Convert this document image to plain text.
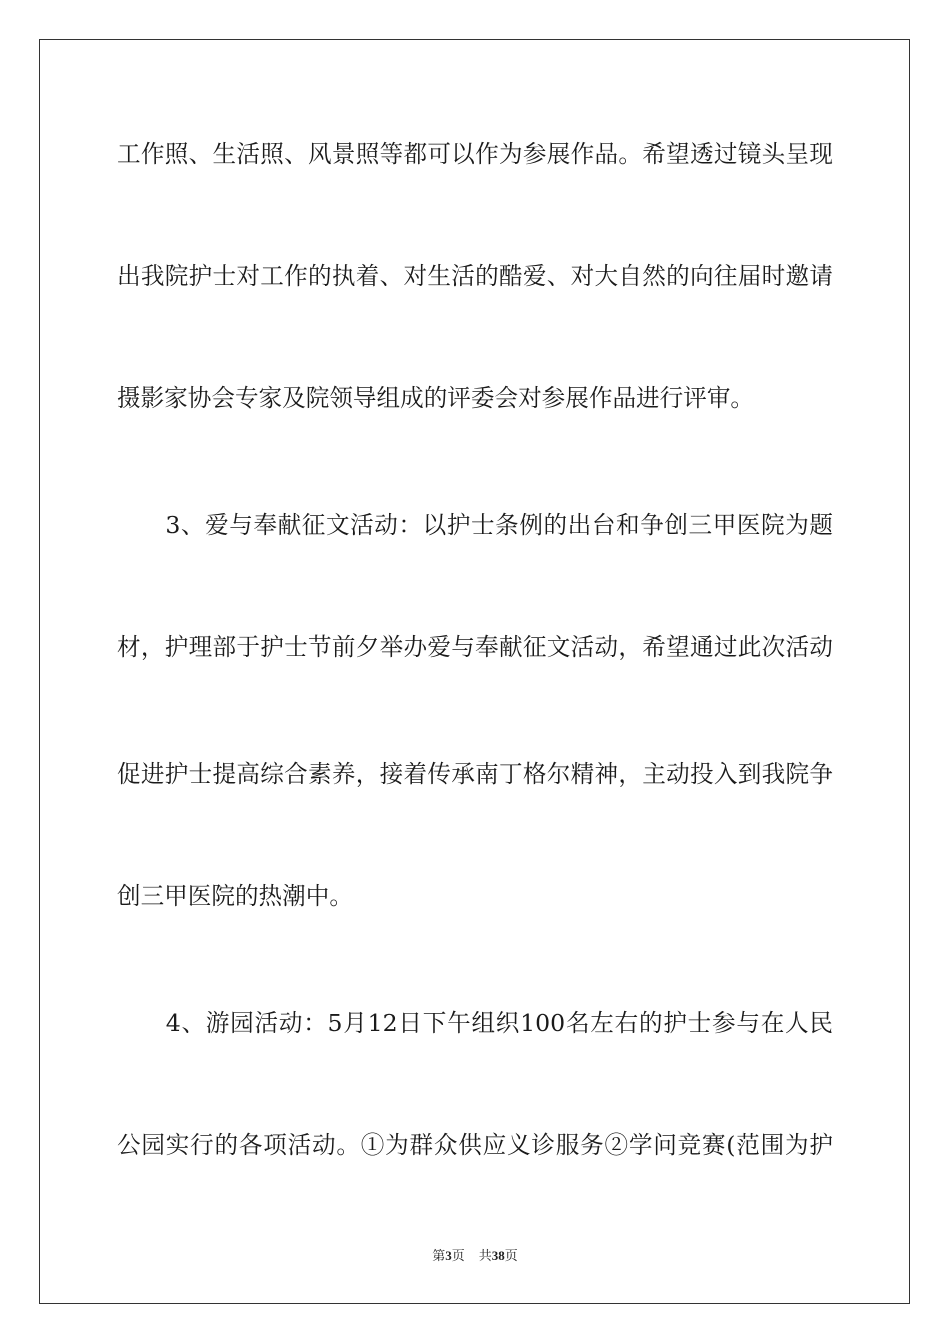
工作照、生活照、风景照等都可以作为参展作品。希望透过镜头呈现
出我院护士对工作的执着、对生活的酷爱、对大自然的向往届时邀请
摄影家协会专家及院领导组成的评委会对参展作品进行评审。
　　3、爱与奉献征文活动：以护士条例的出台和争创三甲医院为题
材，护理部于护士节前夕举办爱与奉献征文活动，希望通过此次活动
促进护士提高综合素养，接着传承南丁格尔精神，主动投入到我院争
创三甲医院的热潮中。
　　4、游园活动：5月12日下午组织100名左右的护士参与在人民
公园实行的各项活动。①为群众供应义诊服务②学问竞赛(范围为护
第3页 共38页
